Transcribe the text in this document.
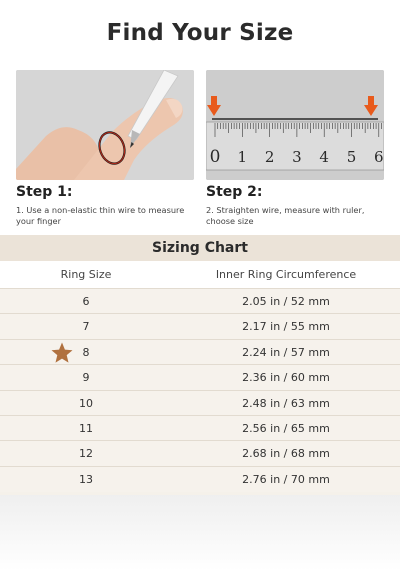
Find Your Size
0 1 2 3 4 5 6
Step 1:	Step 2:
1. Use a non-elastic thin wire to measure your finger
2. Straighten wire, measure with ruler, choose size
Sizing Chart
Ring Size	Inner Ring Circumference
6	2.05 in / 52 mm
7	2.17 in / 55 mm
8	2.24 in / 57 mm
9	2.36 in / 60 mm
10	2.48 in / 63 mm
11	2.56 in / 65 mm
12	2.68 in / 68 mm
13	2.76 in / 70 mm
